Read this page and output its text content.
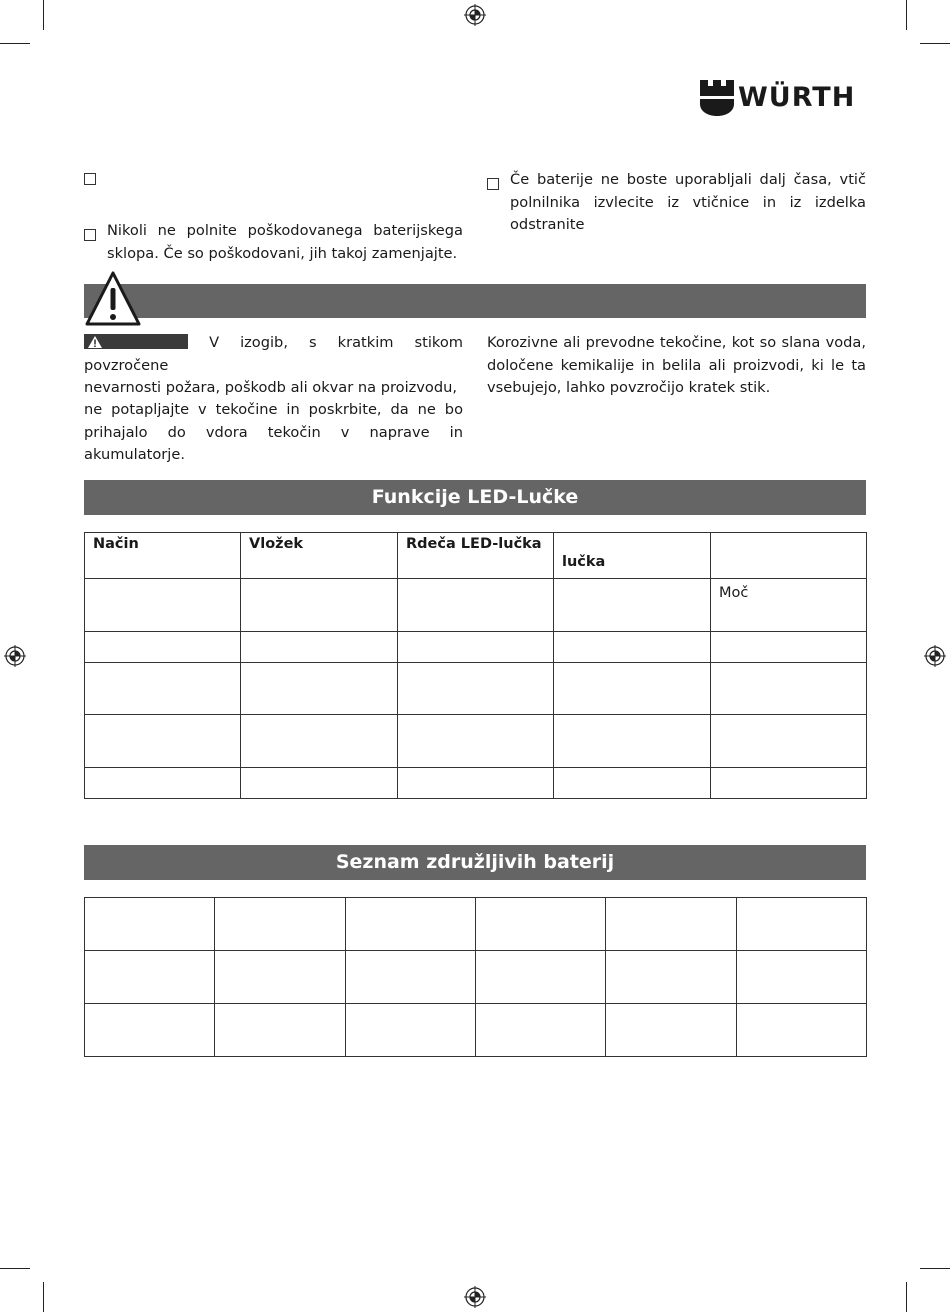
WÜRTH
Nikoli ne polnite poškodovanega baterijskega sklopa. Če so poškodovani, jih takoj zamenjajte.
Če baterije ne boste uporabljali dalj časa, vtič polnilnika izvlecite iz vtičnice in iz izdelka odstranite
V izogib, s kratkim stikom povzročene
nevarnosti požara, poškodb ali okvar na proizvodu,
ne potapljajte v tekočine in poskrbite, da ne bo prihajalo do vdora tekočin v naprave in akumulatorje.
Korozivne ali prevodne tekočine, kot so slana voda, določene kemikalije in belila ali proizvodi, ki le ta vsebujejo, lahko povzročijo kratek stik.
Funkcije LED-Lučke
Način	Vložek	Rdeča LED-lučka	lučka	
				Moč

Seznam združljivih baterij
